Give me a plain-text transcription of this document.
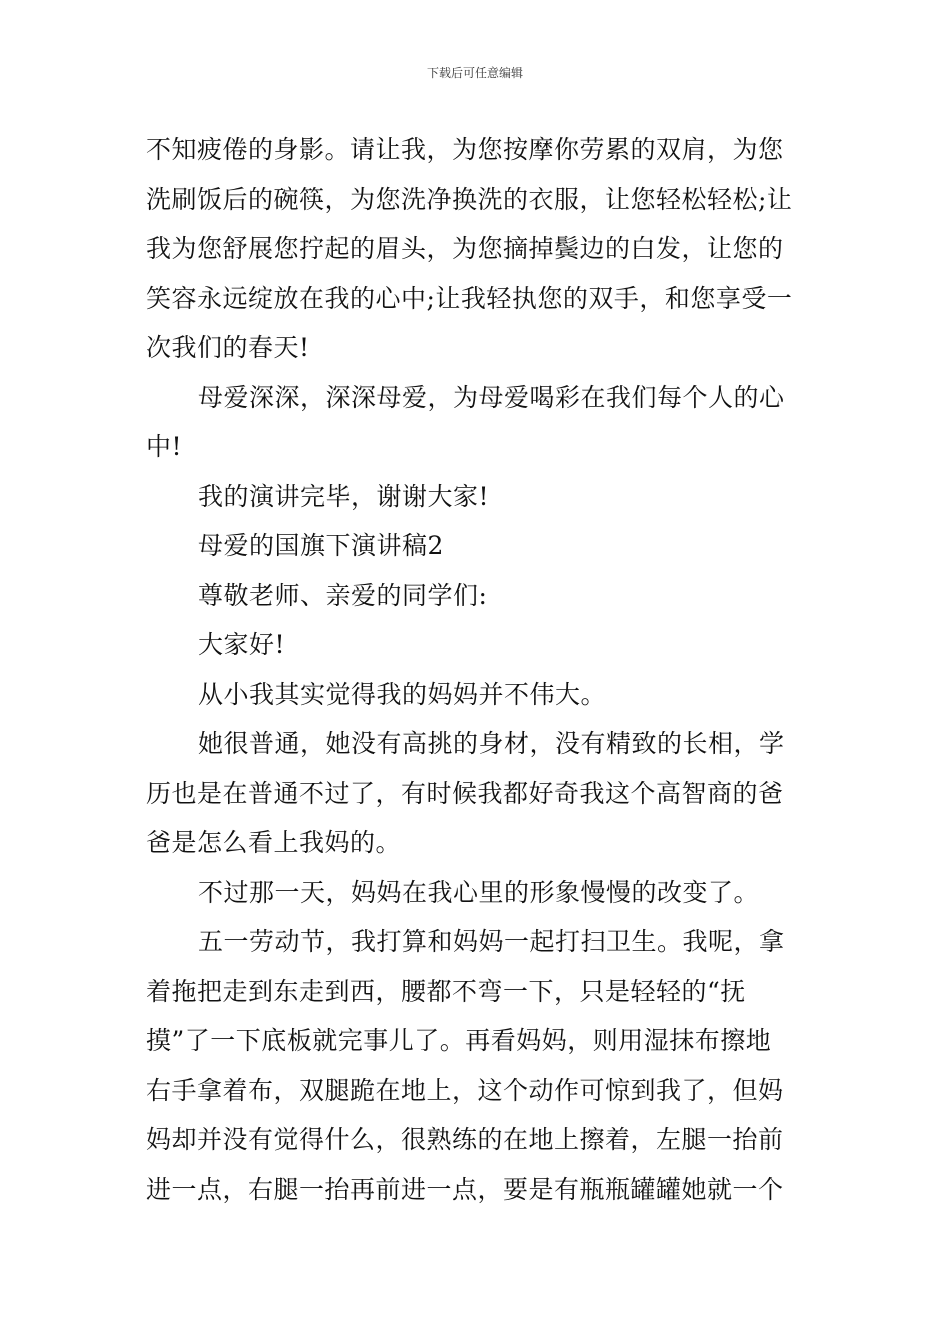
下载后可任意编辑
不知疲倦的身影。请让我，为您按摩你劳累的双肩，为您
洗刷饭后的碗筷，为您洗净换洗的衣服，让您轻松轻松;让
我为您舒展您拧起的眉头，为您摘掉鬓边的白发，让您的
笑容永远绽放在我的心中;让我轻执您的双手，和您享受一
次我们的春天!
母爱深深，深深母爱，为母爱喝彩在我们每个人的心
中!
我的演讲完毕，谢谢大家!
母爱的国旗下演讲稿2
尊敬老师、亲爱的同学们:
大家好!
从小我其实觉得我的妈妈并不伟大。
她很普通，她没有高挑的身材，没有精致的长相，学
历也是在普通不过了，有时候我都好奇我这个高智商的爸
爸是怎么看上我妈的。
不过那一天，妈妈在我心里的形象慢慢的改变了。
五一劳动节，我打算和妈妈一起打扫卫生。我呢，拿
着拖把走到东走到西，腰都不弯一下，只是轻轻的“抚
摸”了一下底板就完事儿了。再看妈妈，则用湿抹布擦地
右手拿着布，双腿跪在地上，这个动作可惊到我了，但妈
妈却并没有觉得什么，很熟练的在地上擦着，左腿一抬前
进一点，右腿一抬再前进一点，要是有瓶瓶罐罐她就一个
